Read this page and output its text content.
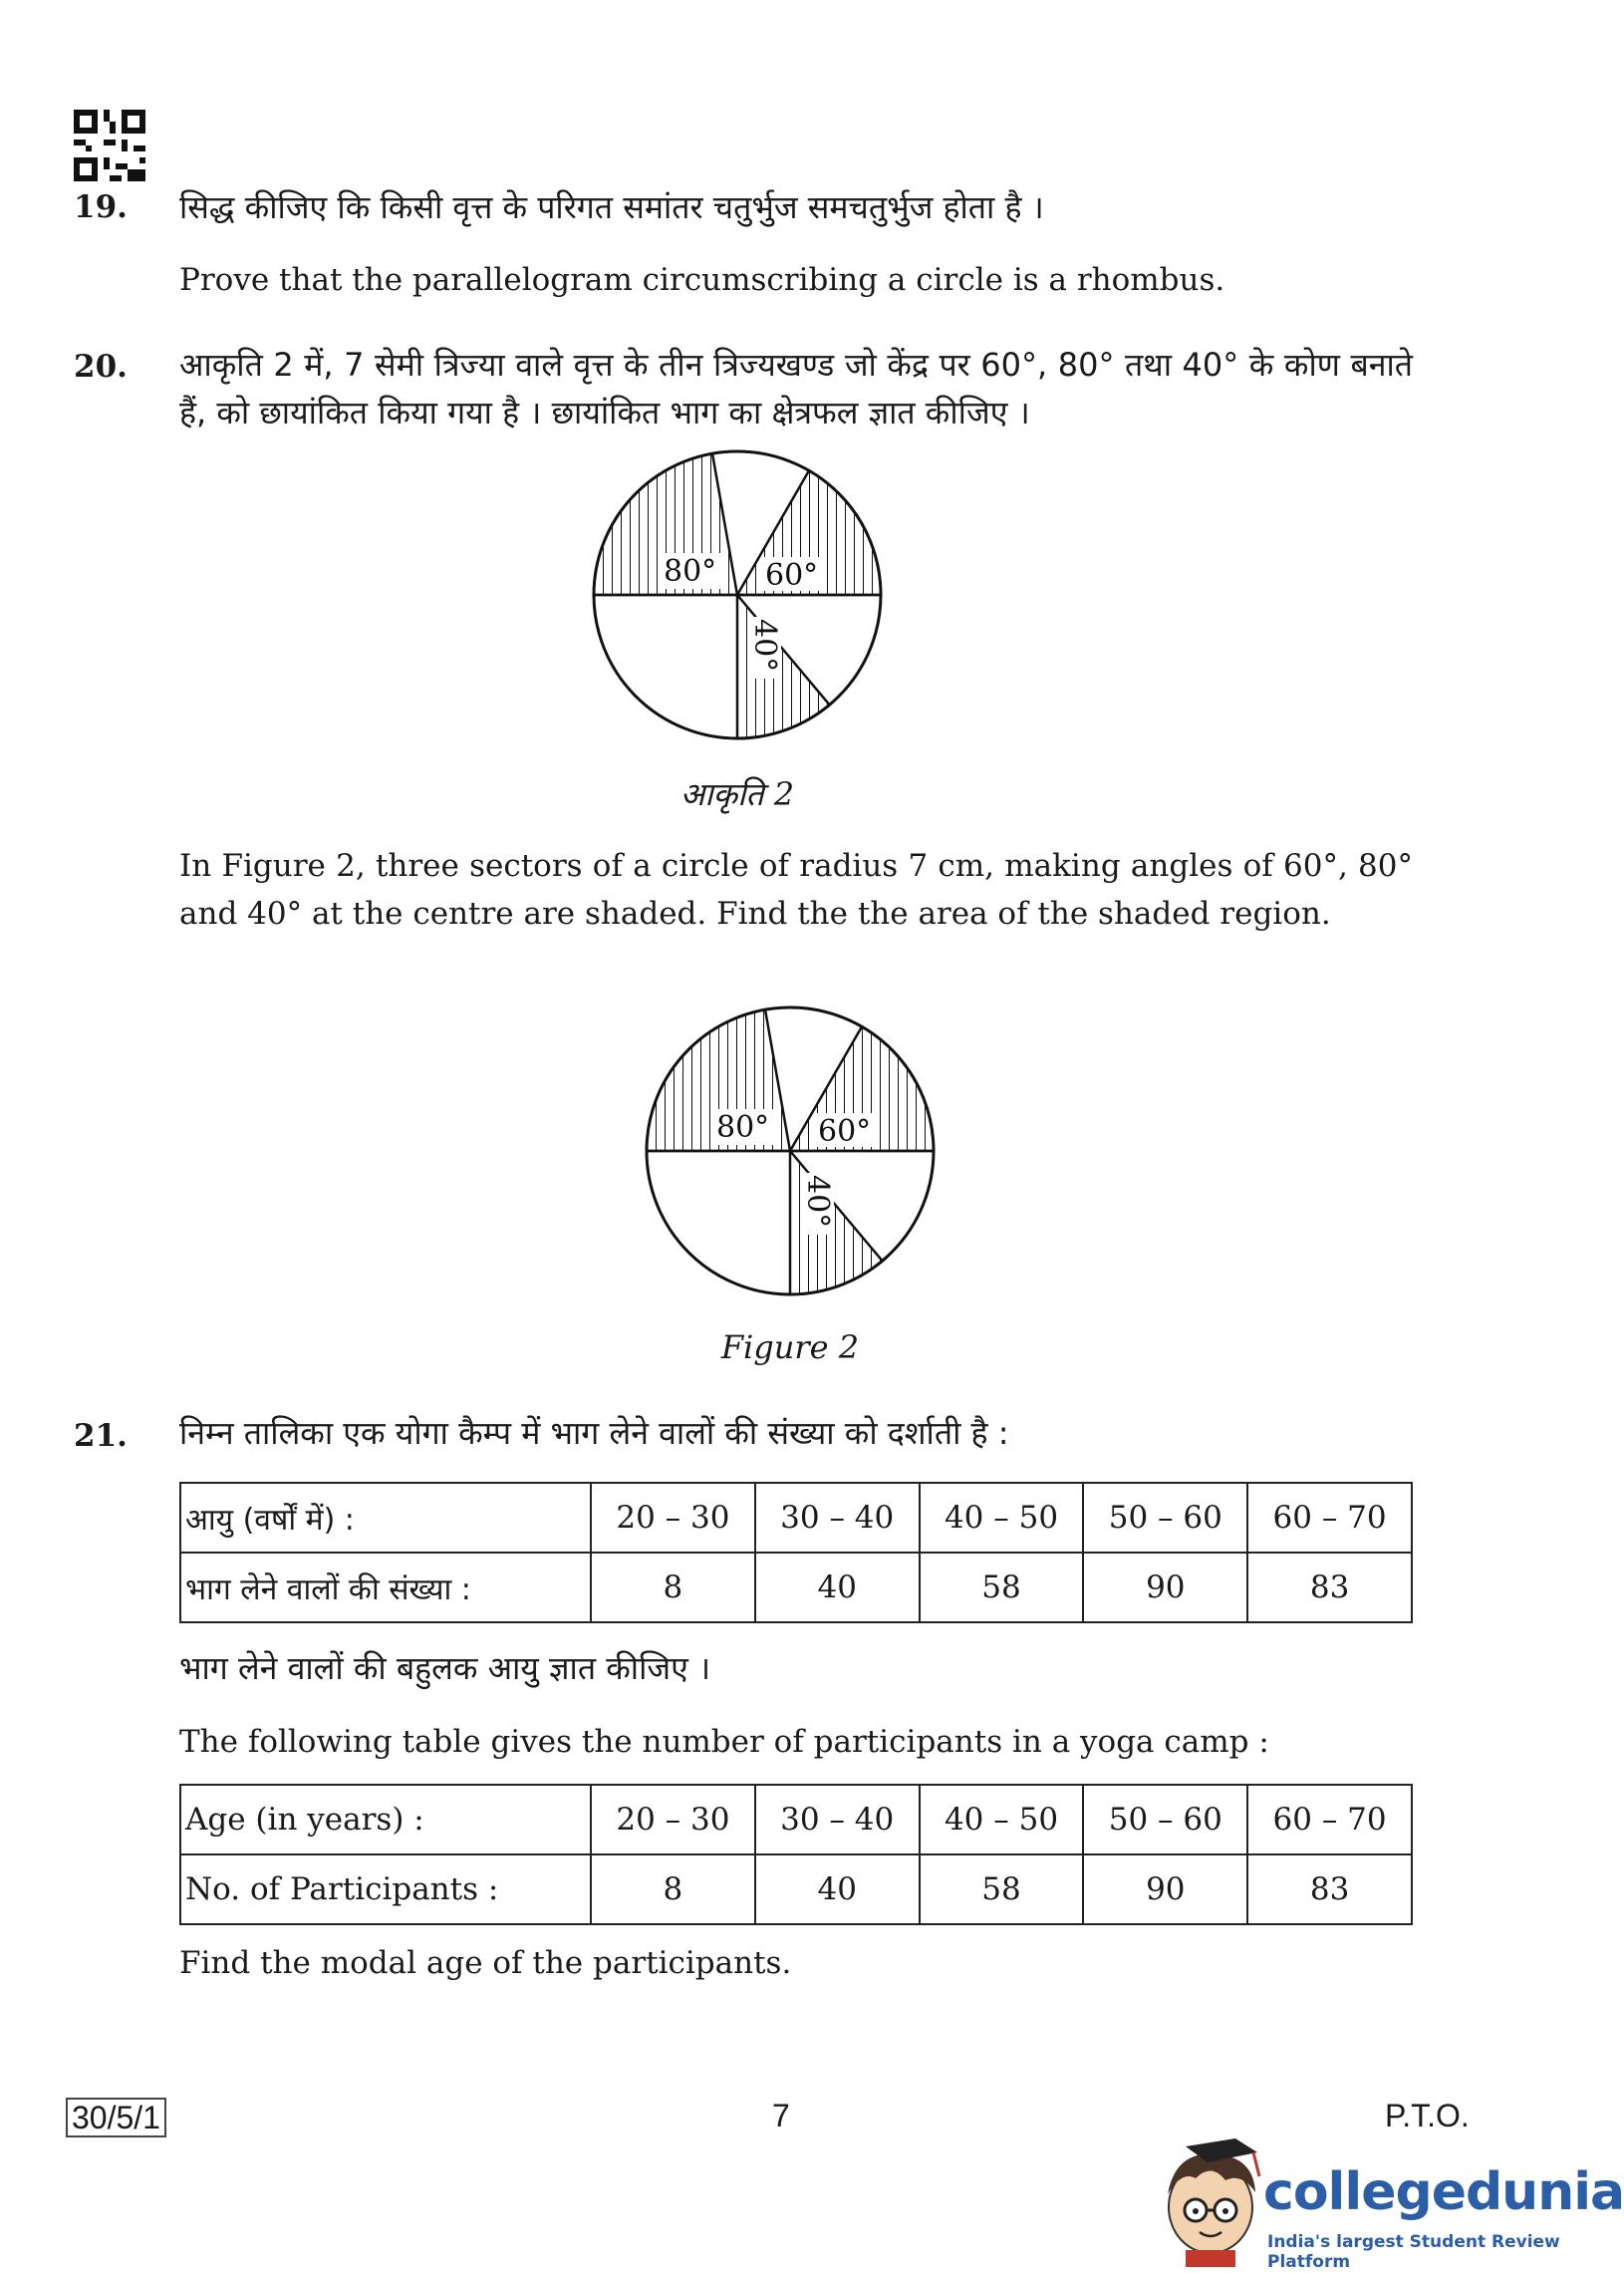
19. सिद्ध कीजिए कि किसी वृत्त के परिगत समांतर चतुर्भुज समचतुर्भुज होता है ।
Prove that the parallelogram circumscribing a circle is a rhombus.
20. आकृति 2 में, 7 सेमी त्रिज्या वाले वृत्त के तीन त्रिज्यखण्ड जो केंद्र पर 60°, 80° तथा 40° के कोण बनाते हैं, को छायांकित किया गया है । छायांकित भाग का क्षेत्रफल ज्ञात कीजिए ।
80° 60°
40°
आकृति 2
In Figure 2, three sectors of a circle of radius 7 cm, making angles of 60°, 80° and 40° at the centre are shaded. Find the the area of the shaded region.
80° 60°
40°
Figure 2
21. निम्न तालिका एक योगा कैम्प में भाग लेने वालों की संख्या को दर्शाती है :
आयु (वर्षों में) :	20 – 30	30 – 40	40 – 50	50 – 60	60 – 70
भाग लेने वालों की संख्या :	8	40	58	90	83
भाग लेने वालों की बहुलक आयु ज्ञात कीजिए ।
The following table gives the number of participants in a yoga camp :
Age (in years) :	20 – 30	30 – 40	40 – 50	50 – 60	60 – 70
No. of Participants :	8	40	58	90	83
Find the modal age of the participants.
30/5/1	7	P.T.O.
collegedunia
India's largest Student Review Platform
